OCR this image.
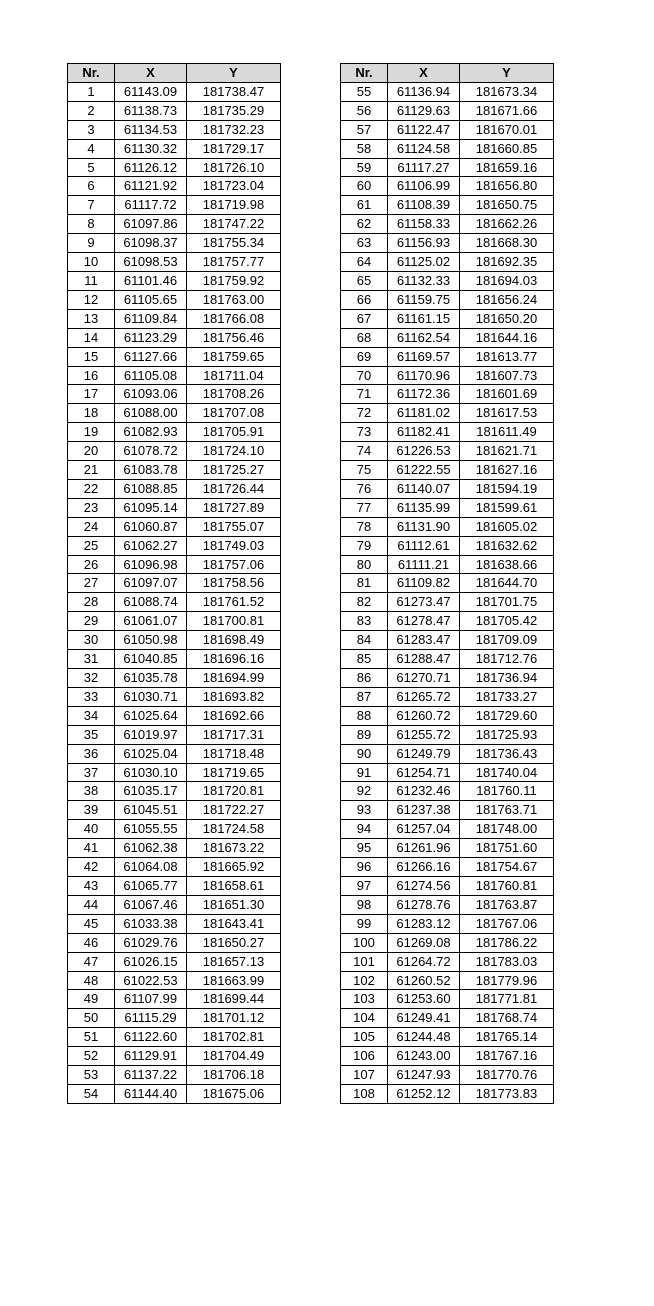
Nr.	X	Y
1	61143.09	181738.47
2	61138.73	181735.29
3	61134.53	181732.23
4	61130.32	181729.17
5	61126.12	181726.10
6	61121.92	181723.04
7	61117.72	181719.98
8	61097.86	181747.22
9	61098.37	181755.34
10	61098.53	181757.77
11	61101.46	181759.92
12	61105.65	181763.00
13	61109.84	181766.08
14	61123.29	181756.46
15	61127.66	181759.65
16	61105.08	181711.04
17	61093.06	181708.26
18	61088.00	181707.08
19	61082.93	181705.91
20	61078.72	181724.10
21	61083.78	181725.27
22	61088.85	181726.44
23	61095.14	181727.89
24	61060.87	181755.07
25	61062.27	181749.03
26	61096.98	181757.06
27	61097.07	181758.56
28	61088.74	181761.52
29	61061.07	181700.81
30	61050.98	181698.49
31	61040.85	181696.16
32	61035.78	181694.99
33	61030.71	181693.82
34	61025.64	181692.66
35	61019.97	181717.31
36	61025.04	181718.48
37	61030.10	181719.65
38	61035.17	181720.81
39	61045.51	181722.27
40	61055.55	181724.58
41	61062.38	181673.22
42	61064.08	181665.92
43	61065.77	181658.61
44	61067.46	181651.30
45	61033.38	181643.41
46	61029.76	181650.27
47	61026.15	181657.13
48	61022.53	181663.99
49	61107.99	181699.44
50	61115.29	181701.12
51	61122.60	181702.81
52	61129.91	181704.49
53	61137.22	181706.18
54	61144.40	181675.06
Nr.	X	Y
55	61136.94	181673.34
56	61129.63	181671.66
57	61122.47	181670.01
58	61124.58	181660.85
59	61117.27	181659.16
60	61106.99	181656.80
61	61108.39	181650.75
62	61158.33	181662.26
63	61156.93	181668.30
64	61125.02	181692.35
65	61132.33	181694.03
66	61159.75	181656.24
67	61161.15	181650.20
68	61162.54	181644.16
69	61169.57	181613.77
70	61170.96	181607.73
71	61172.36	181601.69
72	61181.02	181617.53
73	61182.41	181611.49
74	61226.53	181621.71
75	61222.55	181627.16
76	61140.07	181594.19
77	61135.99	181599.61
78	61131.90	181605.02
79	61112.61	181632.62
80	61111.21	181638.66
81	61109.82	181644.70
82	61273.47	181701.75
83	61278.47	181705.42
84	61283.47	181709.09
85	61288.47	181712.76
86	61270.71	181736.94
87	61265.72	181733.27
88	61260.72	181729.60
89	61255.72	181725.93
90	61249.79	181736.43
91	61254.71	181740.04
92	61232.46	181760.11
93	61237.38	181763.71
94	61257.04	181748.00
95	61261.96	181751.60
96	61266.16	181754.67
97	61274.56	181760.81
98	61278.76	181763.87
99	61283.12	181767.06
100	61269.08	181786.22
101	61264.72	181783.03
102	61260.52	181779.96
103	61253.60	181771.81
104	61249.41	181768.74
105	61244.48	181765.14
106	61243.00	181767.16
107	61247.93	181770.76
108	61252.12	181773.83
